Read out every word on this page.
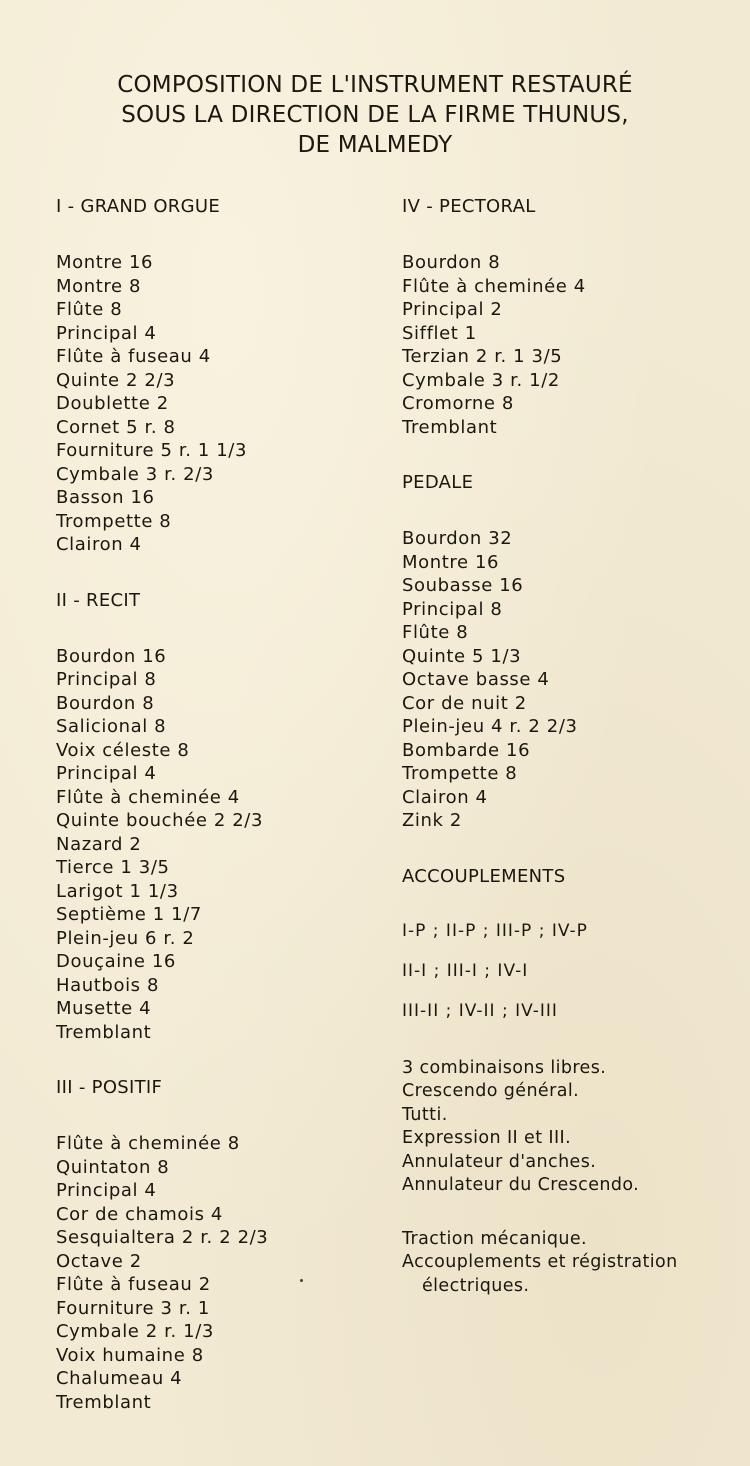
COMPOSITION DE L'INSTRUMENT RESTAURÉ
SOUS LA DIRECTION DE LA FIRME THUNUS,
DE MALMEDY
I - GRAND ORGUE
Montre 16
Montre 8
Flûte 8
Principal 4
Flûte à fuseau 4
Quinte 2 2/3
Doublette 2
Cornet 5 r. 8
Fourniture 5 r. 1 1/3
Cymbale 3 r. 2/3
Basson 16
Trompette 8
Clairon 4
II - RECIT
Bourdon 16
Principal 8
Bourdon 8
Salicional 8
Voix céleste 8
Principal 4
Flûte à cheminée 4
Quinte bouchée 2 2/3
Nazard 2
Tierce 1 3/5
Larigot 1 1/3
Septième 1 1/7
Plein-jeu 6 r. 2
Douçaine 16
Hautbois 8
Musette 4
Tremblant
III - POSITIF
Flûte à cheminée 8
Quintaton 8
Principal 4
Cor de chamois 4
Sesquialtera 2 r. 2 2/3
Octave 2
Flûte à fuseau 2
Fourniture 3 r. 1
Cymbale 2 r. 1/3
Voix humaine 8
Chalumeau 4
Tremblant
IV - PECTORAL
Bourdon 8
Flûte à cheminée 4
Principal 2
Sifflet 1
Terzian 2 r. 1 3/5
Cymbale 3 r. 1/2
Cromorne 8
Tremblant
PEDALE
Bourdon 32
Montre 16
Soubasse 16
Principal 8
Flûte 8
Quinte 5 1/3
Octave basse 4
Cor de nuit 2
Plein-jeu 4 r. 2 2/3
Bombarde 16
Trompette 8
Clairon 4
Zink 2
ACCOUPLEMENTS
I-P ; II-P ; III-P ; IV-P
II-I ; III-I ; IV-I
III-II ; IV-II ; IV-III
3 combinaisons libres.
Crescendo général.
Tutti.
Expression II et III.
Annulateur d'anches.
Annulateur du Crescendo.
Traction mécanique.
Accouplements et régistration
électriques.
